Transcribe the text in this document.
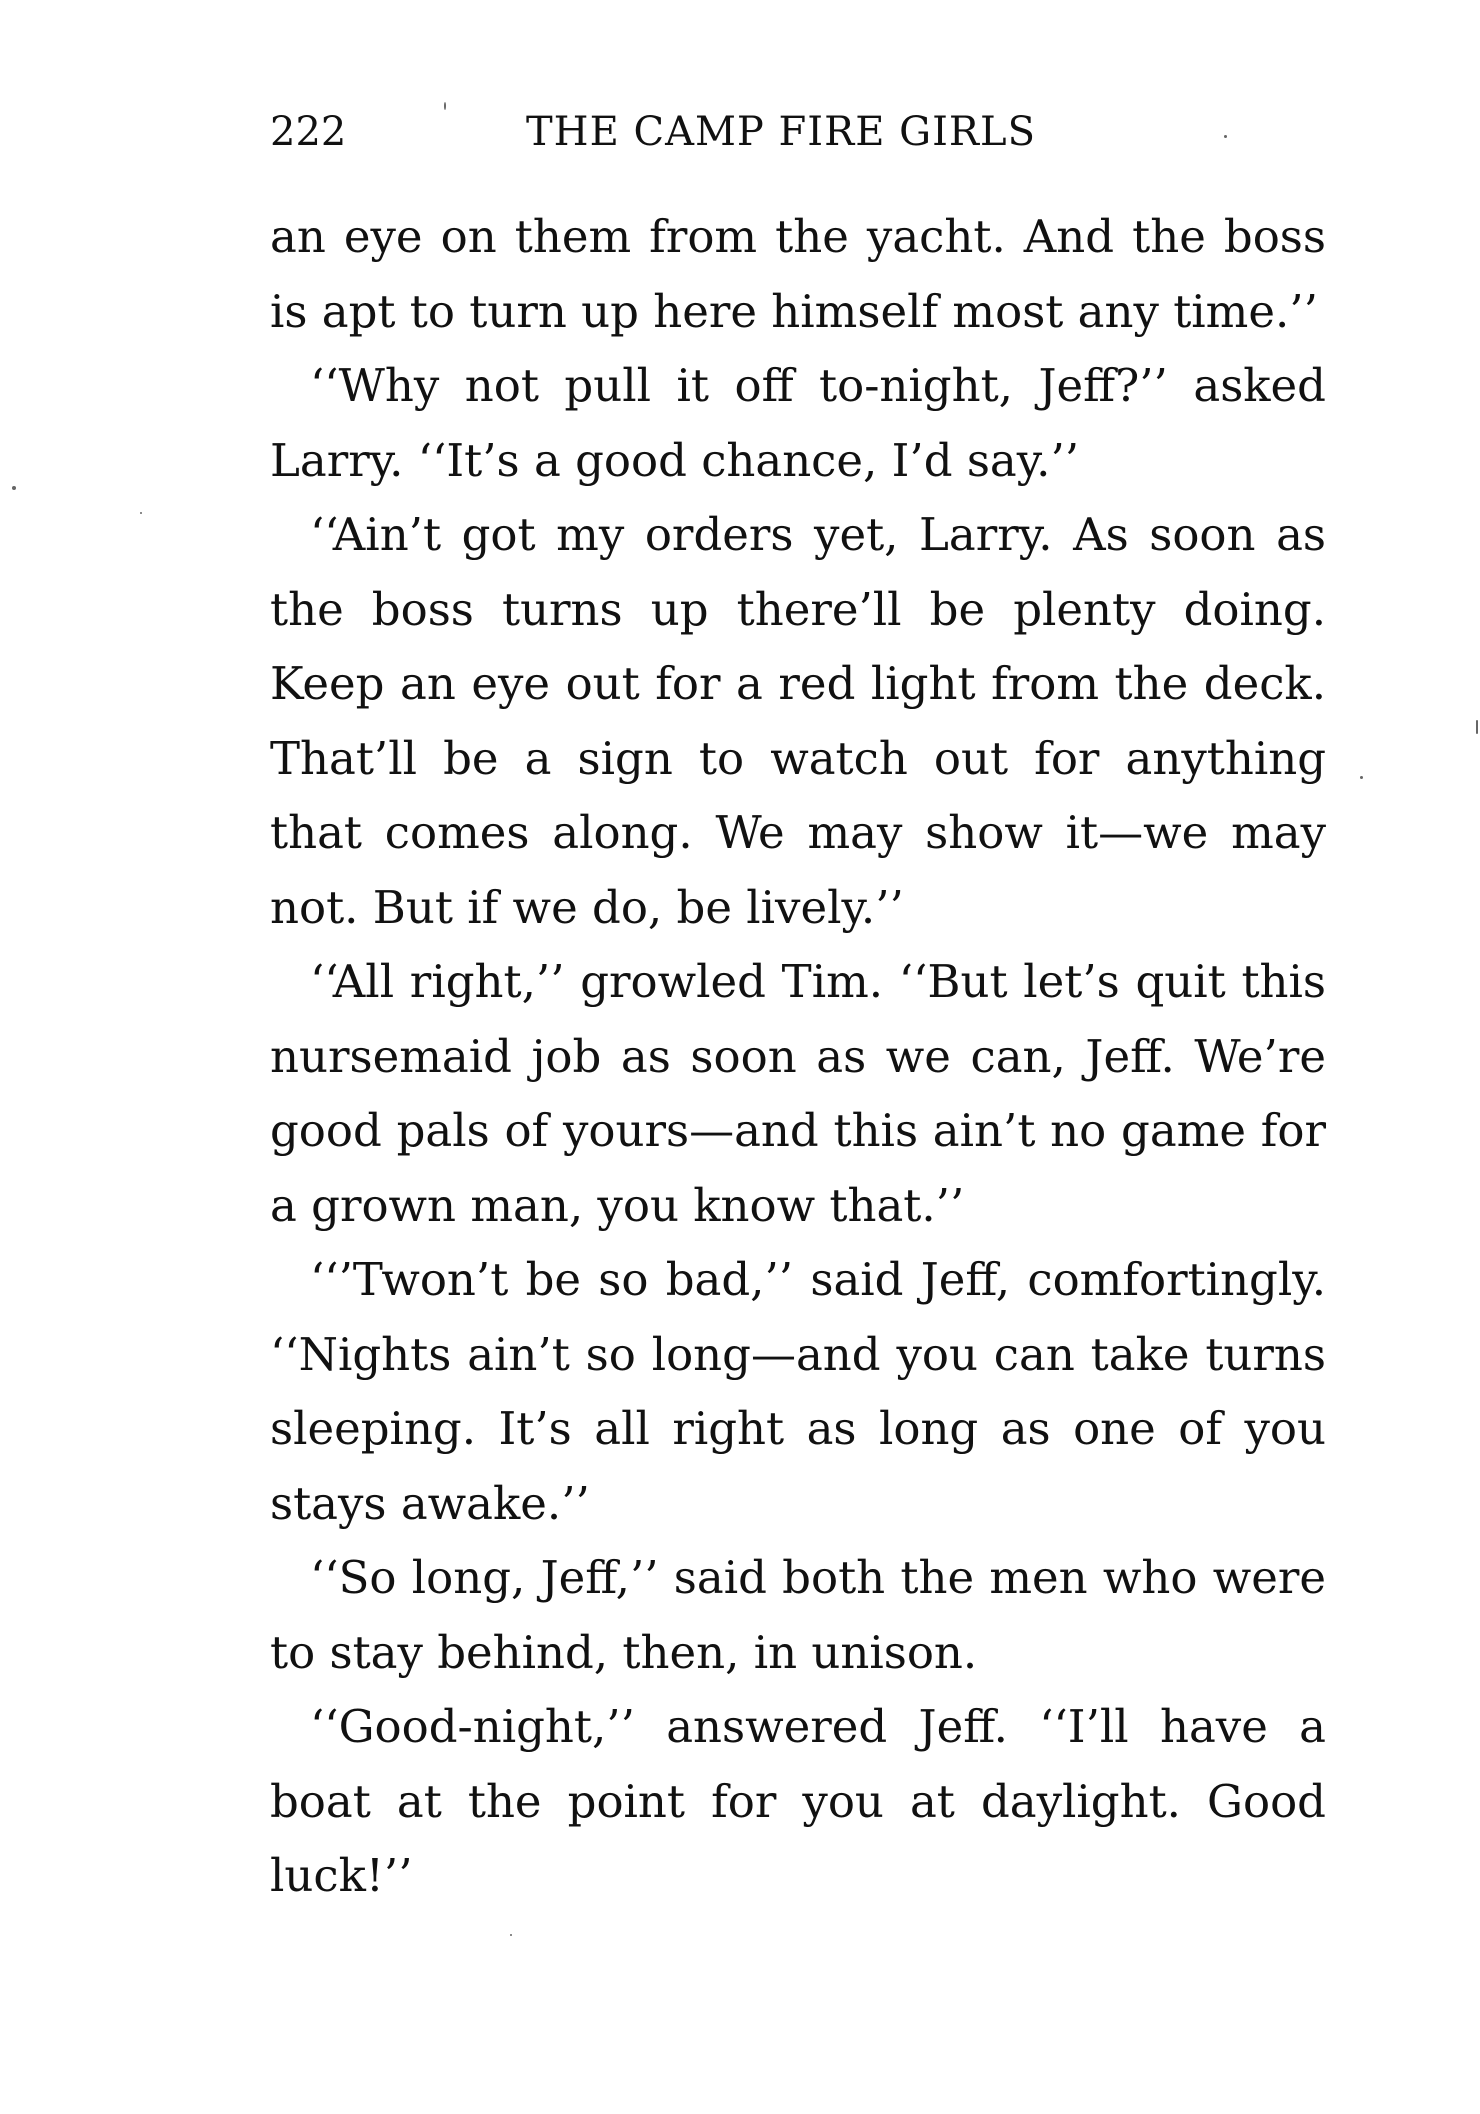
222	THE CAMP FIRE GIRLS

an eye on them from the yacht. And the boss is apt to turn up here himself most any time.’’

‘‘Why not pull it off to-night, Jeff?’’ asked Larry. ‘‘It’s a good chance, I’d say.’’

‘‘Ain’t got my orders yet, Larry. As soon as the boss turns up there’ll be plenty doing. Keep an eye out for a red light from the deck. That’ll be a sign to watch out for anything that comes along. We may show it—we may not. But if we do, be lively.’’

‘‘All right,’’ growled Tim. ‘‘But let’s quit this nursemaid job as soon as we can, Jeff. We’re good pals of yours—and this ain’t no game for a grown man, you know that.’’

‘‘’Twon’t be so bad,’’ said Jeff, comfortingly. ‘‘Nights ain’t so long—and you can take turns sleeping. It’s all right as long as one of you stays awake.’’

‘‘So long, Jeff,’’ said both the men who were to stay behind, then, in unison.

‘‘Good-night,’’ answered Jeff. ‘‘I’ll have a boat at the point for you at daylight. Good luck!’’
